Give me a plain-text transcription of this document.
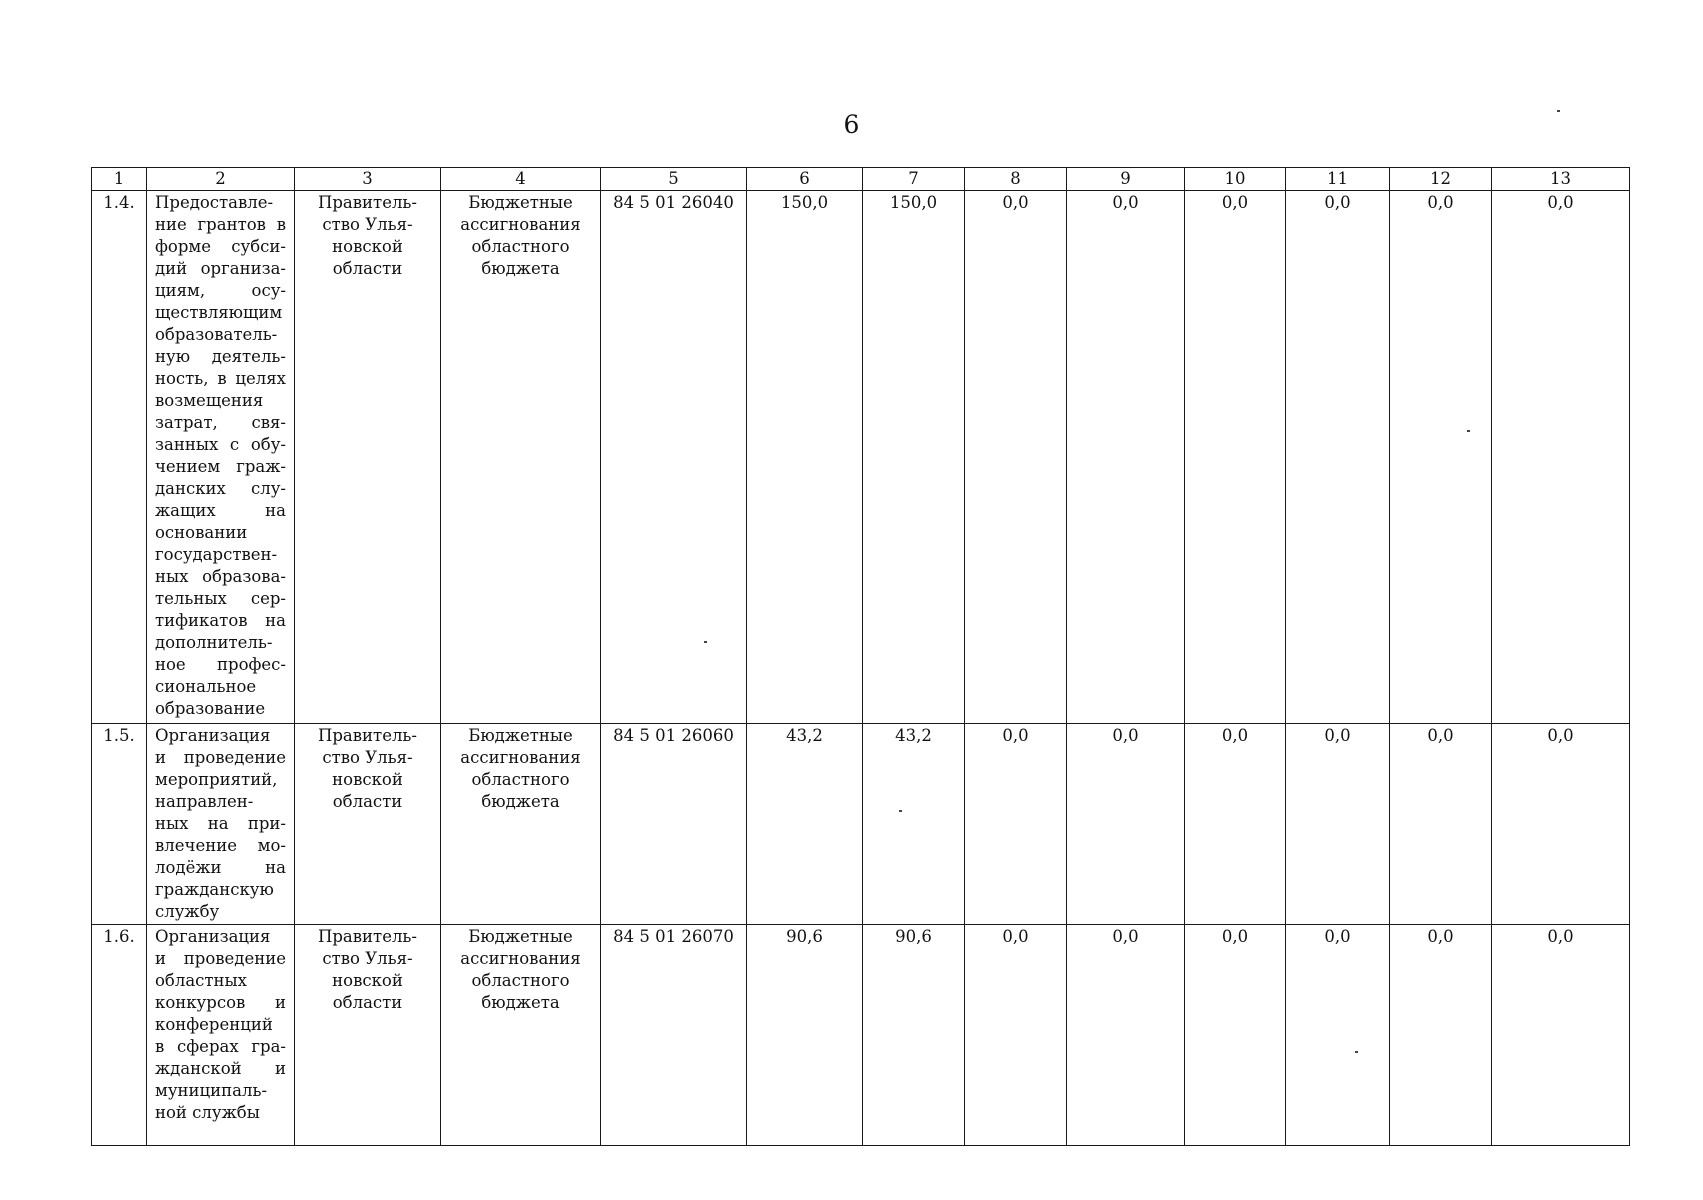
6
1	2	3	4	5	6	7	8	9	10	11	12	13
1.4.	Предоставле-ние грантов в форме субси-дий организа-циям, осу-ществляющим образователь-ную деятель-ность, в целях возмещения затрат, свя-занных с обу-чением граж-данских слу-жащих на основании государствен-ных образова-тельных сер-тификатов на дополнитель-ное профес-сиональное образование	Правитель-ство Улья-новской области	Бюджетные ассигнования областного бюджета	84 5 01 26040	150,0	150,0	0,0	0,0	0,0	0,0	0,0	0,0
1.5.	Организация и проведение мероприятий, направлен-ных на при-влечение мо-лодёжи на гражданскую службу	Правитель-ство Улья-новской области	Бюджетные ассигнования областного бюджета	84 5 01 26060	43,2	43,2	0,0	0,0	0,0	0,0	0,0	0,0
1.6.	Организация и проведение областных конкурсов и конференций в сферах гра-жданской и муниципаль-ной службы	Правитель-ство Улья-новской области	Бюджетные ассигнования областного бюджета	84 5 01 26070	90,6	90,6	0,0	0,0	0,0	0,0	0,0	0,0
